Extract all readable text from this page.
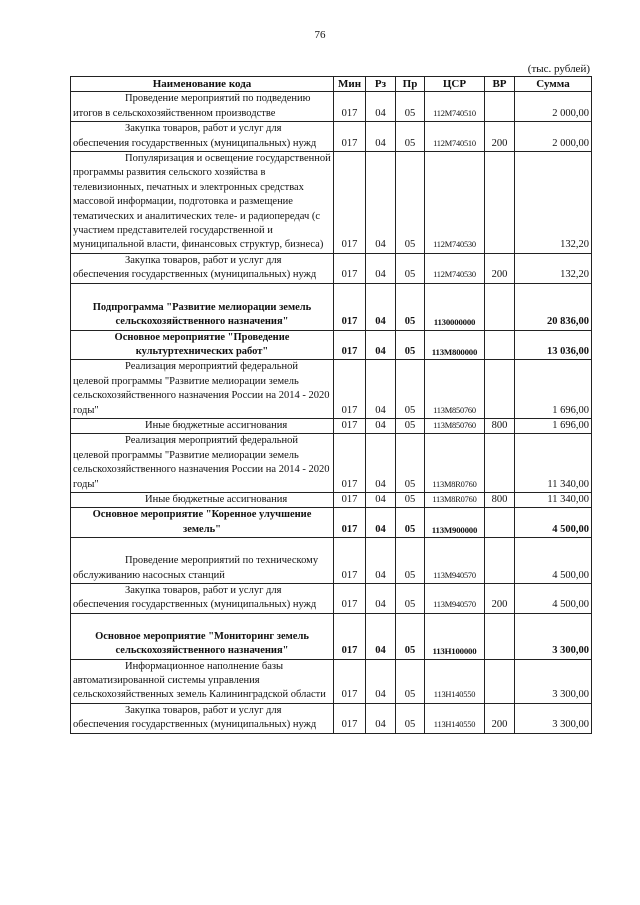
76
(тыс. рублей)
Наименование кода	Мин	Рз	Пр	ЦСР	ВР	Сумма
Проведение мероприятий по подведению итогов в сельскохозяйственном производстве	017	04	05	112М740510		2 000,00
Закупка товаров, работ и услуг для обеспечения государственных (муниципальных) нужд	017	04	05	112М740510	200	2 000,00
Популяризация и освещение государственной программы развития сельского хозяйства в телевизионных, печатных и электронных средствах массовой информации, подготовка и размещение тематических и аналитических теле- и радиопередач (с участием представителей государственной и муниципальной власти, финансовых структур, бизнеса)	017	04	05	112М740530		132,20
Закупка товаров, работ и услуг для обеспечения государственных (муниципальных) нужд	017	04	05	112М740530	200	132,20
Подпрограмма "Развитие мелиорации земель сельскохозяйственного назначения"	017	04	05	1130000000		20 836,00
Основное мероприятие "Проведение культуртехнических работ"	017	04	05	113М800000		13 036,00
Реализация мероприятий федеральной целевой программы "Развитие мелиорации земель сельскохозяйственного назначения России на 2014 - 2020 годы"	017	04	05	113М850760		1 696,00
Иные бюджетные ассигнования	017	04	05	113М850760	800	1 696,00
Реализация мероприятий федеральной целевой программы "Развитие мелиорации земель сельскохозяйственного назначения России на 2014 - 2020 годы"	017	04	05	113М8R0760		11 340,00
Иные бюджетные ассигнования	017	04	05	113М8R0760	800	11 340,00
Основное мероприятие "Коренное улучшение земель"	017	04	05	113М900000		4 500,00
Проведение мероприятий по техническому обслуживанию насосных станций	017	04	05	113М940570		4 500,00
Закупка товаров, работ и услуг для обеспечения государственных (муниципальных) нужд	017	04	05	113М940570	200	4 500,00
Основное мероприятие "Мониторинг земель сельскохозяйственного назначения"	017	04	05	113Н100000		3 300,00
Информационное наполнение базы автоматизированной системы управления сельскохозяйственных земель Калининградской области	017	04	05	113Н140550		3 300,00
Закупка товаров, работ и услуг для обеспечения государственных (муниципальных) нужд	017	04	05	113Н140550	200	3 300,00
